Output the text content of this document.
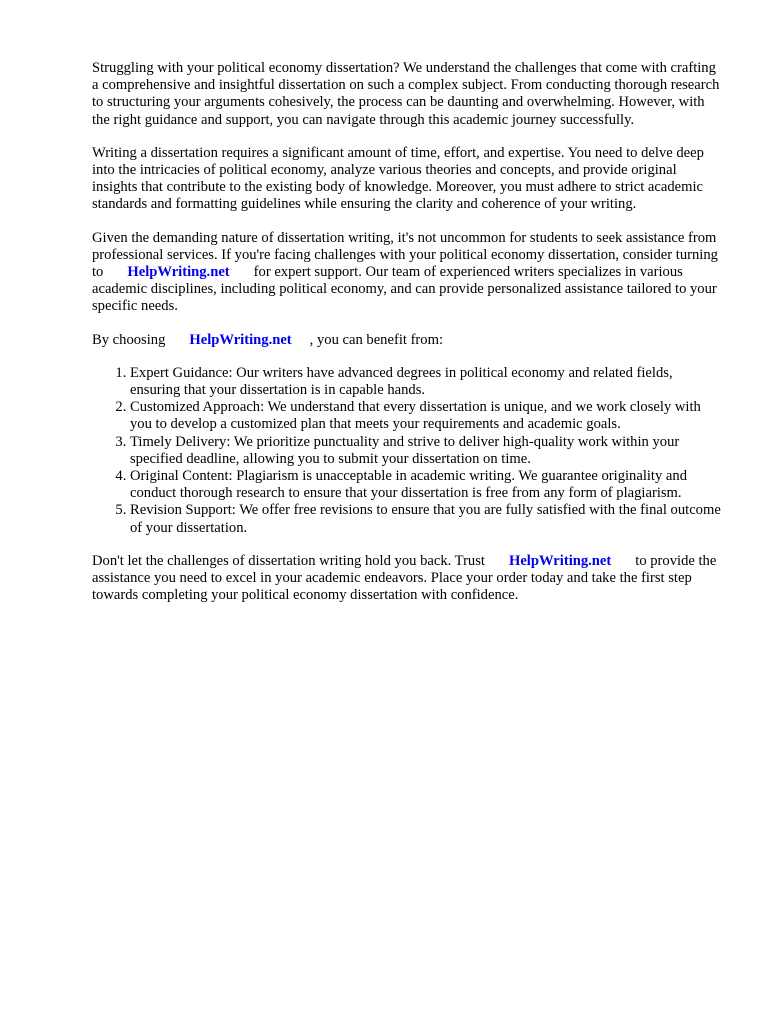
Struggling with your political economy dissertation? We understand the challenges that come with crafting a comprehensive and insightful dissertation on such a complex subject. From conducting thorough research to structuring your arguments cohesively, the process can be daunting and overwhelming. However, with the right guidance and support, you can navigate through this academic journey successfully.

Writing a dissertation requires a significant amount of time, effort, and expertise. You need to delve deep into the intricacies of political economy, analyze various theories and concepts, and provide original insights that contribute to the existing body of knowledge. Moreover, you must adhere to strict academic standards and formatting guidelines while ensuring the clarity and coherence of your writing.

Given the demanding nature of dissertation writing, it's not uncommon for students to seek assistance from professional services. If you're facing challenges with your political economy dissertation, consider turning to HelpWriting.net for expert support. Our team of experienced writers specializes in various academic disciplines, including political economy, and can provide personalized assistance tailored to your specific needs.

By choosing HelpWriting.net , you can benefit from:

1. Expert Guidance: Our writers have advanced degrees in political economy and related fields, ensuring that your dissertation is in capable hands.
2. Customized Approach: We understand that every dissertation is unique, and we work closely with you to develop a customized plan that meets your requirements and academic goals.
3. Timely Delivery: We prioritize punctuality and strive to deliver high-quality work within your specified deadline, allowing you to submit your dissertation on time.
4. Original Content: Plagiarism is unacceptable in academic writing. We guarantee originality and conduct thorough research to ensure that your dissertation is free from any form of plagiarism.
5. Revision Support: We offer free revisions to ensure that you are fully satisfied with the final outcome of your dissertation.

Don't let the challenges of dissertation writing hold you back. Trust HelpWriting.net to provide the assistance you need to excel in your academic endeavors. Place your order today and take the first step towards completing your political economy dissertation with confidence.
